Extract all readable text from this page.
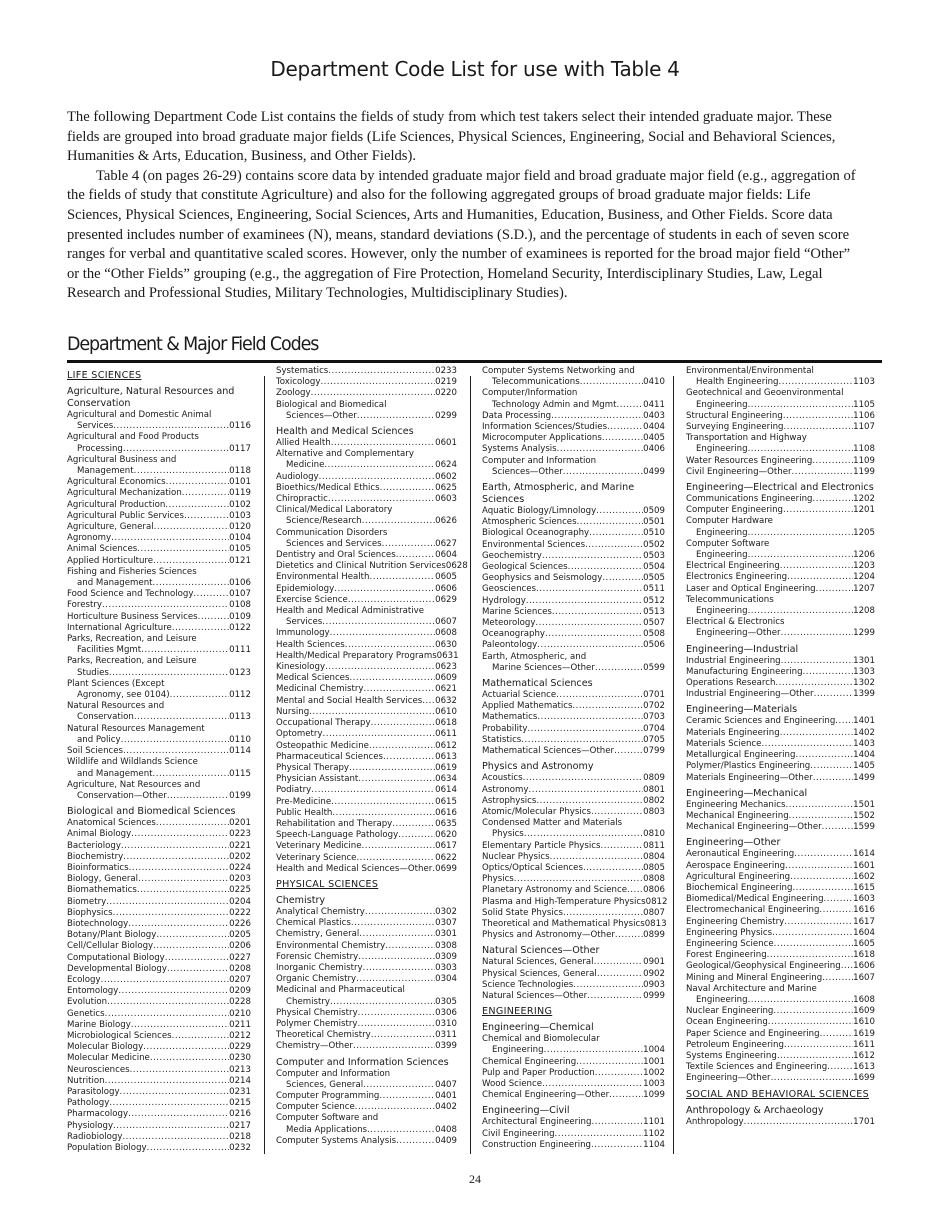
Department Code List for use with Table 4

The following Department Code List contains the fields of study from which test takers select their intended graduate major. These fields are grouped into broad graduate major fields (Life Sciences, Physical Sciences, Engineering, Social and Behavioral Sciences, Humanities & Arts, Education, Business, and Other Fields).

Table 4 (on pages 26-29) contains score data by intended graduate major field and broad graduate major field (e.g., aggregation of the fields of study that constitute Agriculture) and also for the following aggregated groups of broad graduate major fields: Life Sciences, Physical Sciences, Engineering, Social Sciences, Arts and Humanities, Education, Business, and Other Fields. Score data presented includes number of examinees (N), means, standard deviations (S.D.), and the percentage of students in each of seven score ranges for verbal and quantitative scaled scores. However, only the number of examinees is reported for the broad major field “Other” or the “Other Fields” grouping (e.g., the aggregation of Fire Protection, Homeland Security, Interdisciplinary Studies, Law, Legal Research and Professional Studies, Military Technologies, Multidisciplinary Studies).

Department & Major Field Codes
LIFE SCIENCES
Agriculture, Natural Resources and Conservation
Agricultural and Domestic Animal
Services .....	0116
Agricultural and Food Products
Processing .....	0117
Agricultural Business and
Management .....	0118
Agricultural Economics .....	0101
Agricultural Mechanization .....	0119
Agricultural Production .....	0102
Agricultural Public Services .....	0103
Agriculture, General .....	0120
Agronomy .....	0104
Animal Sciences .....	0105
Applied Horticulture .....	0121
Fishing and Fisheries Sciences
and Management .....	0106
Food Science and Technology .....	0107
Forestry .....	0108
Horticulture Business Services .....	0109
International Agriculture .....	0122
Parks, Recreation, and Leisure
Facilities Mgmt .....	0111
Parks, Recreation, and Leisure
Studies .....	0123
Plant Sciences (Except
Agronomy, see 0104) .....	0112
Natural Resources and
Conservation .....	0113
Natural Resources Management
and Policy .....	0110
Soil Sciences .....	0114
Wildlife and Wildlands Science
and Management .....	0115
Agriculture, Nat Resources and
Conservation—Other .....	0199
Biological and Biomedical Sciences
Anatomical Sciences .....	0201
Animal Biology .....	0223
Bacteriology .....	0221
Biochemistry .....	0202
Bioinformatics .....	0224
Biology, General .....	0203
Biomathematics .....	0225
Biometry .....	0204
Biophysics .....	0222
Biotechnology .....	0226
Botany/Plant Biology .....	0205
Cell/Cellular Biology .....	0206
Computational Biology .....	0227
Developmental Biology .....	0208
Ecology .....	0207
Entomology .....	0209
Evolution .....	0228
Genetics .....	0210
Marine Biology .....	0211
Microbiological Sciences .....	0212
Molecular Biology .....	0229
Molecular Medicine .....	0230
Neurosciences .....	0213
Nutrition .....	0214
Parasitology .....	0231
Pathology .....	0215
Pharmacology .....	0216
Physiology .....	0217
Radiobiology .....	0218
Population Biology .....	0232
Systematics .....	0233
Toxicology .....	0219
Zoology .....	0220
Biological and Biomedical
Sciences—Other .....	0299
Health and Medical Sciences
Allied Health .....	0601
Alternative and Complementary
Medicine .....	0624
Audiology .....	0602
Bioethics/Medical Ethics .....	0625
Chiropractic .....	0603
Clinical/Medical Laboratory
Science/Research .....	0626
Communication Disorders
Sciences and Services .....	0627
Dentistry and Oral Sciences .....	0604
Dietetics and Clinical Nutrition Services 0628
Environmental Health .....	0605
Epidemiology .....	0606
Exercise Science .....	0629
Health and Medical Administrative
Services .....	0607
Immunology .....	0608
Health Sciences .....	0630
Health/Medical Preparatory Programs 0631
Kinesiology .....	0623
Medical Sciences .....	0609
Medicinal Chemistry .....	0621
Mental and Social Health Services ..... 0632
Nursing .....	0610
Occupational Therapy .....	0618
Optometry .....	0611
Osteopathic Medicine .....	0612
Pharmaceutical Sciences .....	0613
Physical Therapy .....	0619
Physician Assistant .....	0634
Podiatry .....	0614
Pre-Medicine .....	0615
Public Health .....	0616
Rehabilitation and Therapy .....	0635
Speech-Language Pathology .....	0620
Veterinary Medicine .....	0617
Veterinary Science .....	0622
Health and Medical Sciences—Other ..... 0699
PHYSICAL SCIENCES
Chemistry
Analytical Chemistry .....	0302
Chemical Plastics .....	0307
Chemistry, General .....	0301
Environmental Chemistry .....	0308
Forensic Chemistry .....	0309
Inorganic Chemistry .....	0303
Organic Chemistry .....	0304
Medicinal and Pharmaceutical
Chemistry .....	0305
Physical Chemistry .....	0306
Polymer Chemistry .....	0310
Theoretical Chemistry .....	0311
Chemistry—Other .....	0399
Computer and Information Sciences
Computer and Information
Sciences, General .....	0407
Computer Programming .....	0401
Computer Science .....	0402
Computer Software and
Media Applications .....	0408
Computer Systems Analysis .....	0409
Computer Systems Networking and
Telecommunications .....	0410
Computer/Information
Technology Admin and Mgmt .....	0411
Data Processing .....	0403
Information Sciences/Studies .....	0404
Microcomputer Applications .....	0405
Systems Analysis .....	0406
Computer and Information
Sciences—Other .....	0499
Earth, Atmospheric, and Marine Sciences
Aquatic Biology/Limnology .....	0509
Atmospheric Sciences .....	0501
Biological Oceanography .....	0510
Environmental Sciences .....	0502
Geochemistry .....	0503
Geological Sciences .....	0504
Geophysics and Seismology .....	0505
Geosciences .....	0511
Hydrology .....	0512
Marine Sciences .....	0513
Meteorology .....	0507
Oceanography .....	0508
Paleontology .....	0506
Earth, Atmospheric, and
Marine Sciences—Other .....	0599
Mathematical Sciences
Actuarial Science .....	0701
Applied Mathematics .....	0702
Mathematics .....	0703
Probability .....	0704
Statistics .....	0705
Mathematical Sciences—Other .....	0799
Physics and Astronomy
Acoustics .....	0809
Astronomy .....	0801
Astrophysics .....	0802
Atomic/Molecular Physics .....	0803
Condensed Matter and Materials
Physics .....	0810
Elementary Particle Physics .....	0811
Nuclear Physics .....	0804
Optics/Optical Sciences .....	0805
Physics .....	0808
Planetary Astronomy and Science ..... 0806
Plasma and High-Temperature Physics 0812
Solid State Physics .....	0807
Theoretical and Mathematical Physics 0813
Physics and Astronomy—Other .....	0899
Natural Sciences—Other
Natural Sciences, General .....	0901
Physical Sciences, General .....	0902
Science Technologies .....	0903
Natural Sciences—Other .....	0999
ENGINEERING
Engineering—Chemical
Chemical and Biomolecular
Engineering .....	1004
Chemical Engineering .....	1001
Pulp and Paper Production .....	1002
Wood Science .....	1003
Chemical Engineering—Other .....	1099
Engineering—Civil
Architectural Engineering .....	1101
Civil Engineering .....	1102
Construction Engineering .....	1104
Environmental/Environmental
Health Engineering .....	1103
Geotechnical and Geoenvironmental
Engineering .....	1105
Structural Engineering .....	1106
Surveying Engineering .....	1107
Transportation and Highway
Engineering .....	1108
Water Resources Engineering .....	1109
Civil Engineering—Other .....	1199
Engineering—Electrical and Electronics
Communications Engineering .....	1202
Computer Engineering .....	1201
Computer Hardware
Engineering .....	1205
Computer Software
Engineering .....	1206
Electrical Engineering .....	1203
Electronics Engineering .....	1204
Laser and Optical Engineering .....	1207
Telecommunications
Engineering .....	1208
Electrical & Electronics
Engineering—Other .....	1299
Engineering—Industrial
Industrial Engineering .....	1301
Manufacturing Engineering .....	1303
Operations Research .....	1302
Industrial Engineering—Other .....	1399
Engineering—Materials
Ceramic Sciences and Engineering ..... 1401
Materials Engineering .....	1402
Materials Science .....	1403
Metallurgical Engineering .....	1404
Polymer/Plastics Engineering .....	1405
Materials Engineering—Other .....	1499
Engineering—Mechanical
Engineering Mechanics .....	1501
Mechanical Engineering .....	1502
Mechanical Engineering—Other .....	1599
Engineering—Other
Aeronautical Engineering .....	1614
Aerospace Engineering .....	1601
Agricultural Engineering .....	1602
Biochemical Engineering .....	1615
Biomedical/Medical Engineering .....	1603
Electromechanical Engineering .....	1616
Engineering Chemistry .....	1617
Engineering Physics .....	1604
Engineering Science .....	1605
Forest Engineering .....	1618
Geological/Geophysical Engineering ..... 1606
Mining and Mineral Engineering .....	1607
Naval Architecture and Marine
Engineering .....	1608
Nuclear Engineering .....	1609
Ocean Engineering .....	1610
Paper Science and Engineering .....	1619
Petroleum Engineering .....	1611
Systems Engineering .....	1612
Textile Sciences and Engineering .....	1613
Engineering—Other .....	1699
SOCIAL AND BEHAVIORAL SCIENCES
Anthropology & Archaeology
Anthropology .....	1701
24
